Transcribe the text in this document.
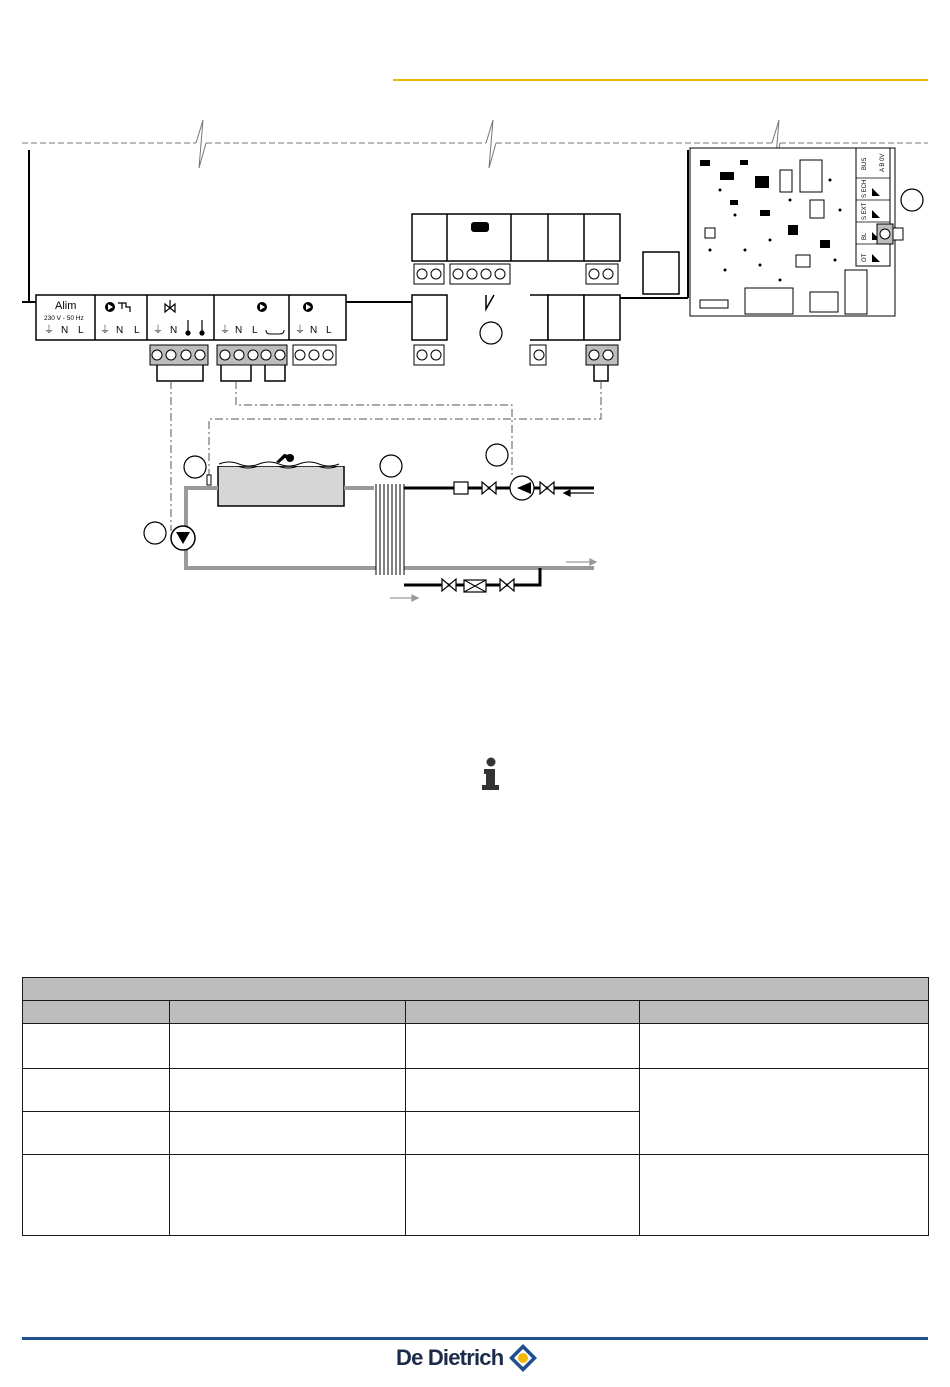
Alim
230 V - 50 Hz
⏚ N L ⏚ N L ⏚ N	⏚ N L	⏚ N L
BUS A B 0V
S ECH
S EXT
BL
OT

De Dietrich
